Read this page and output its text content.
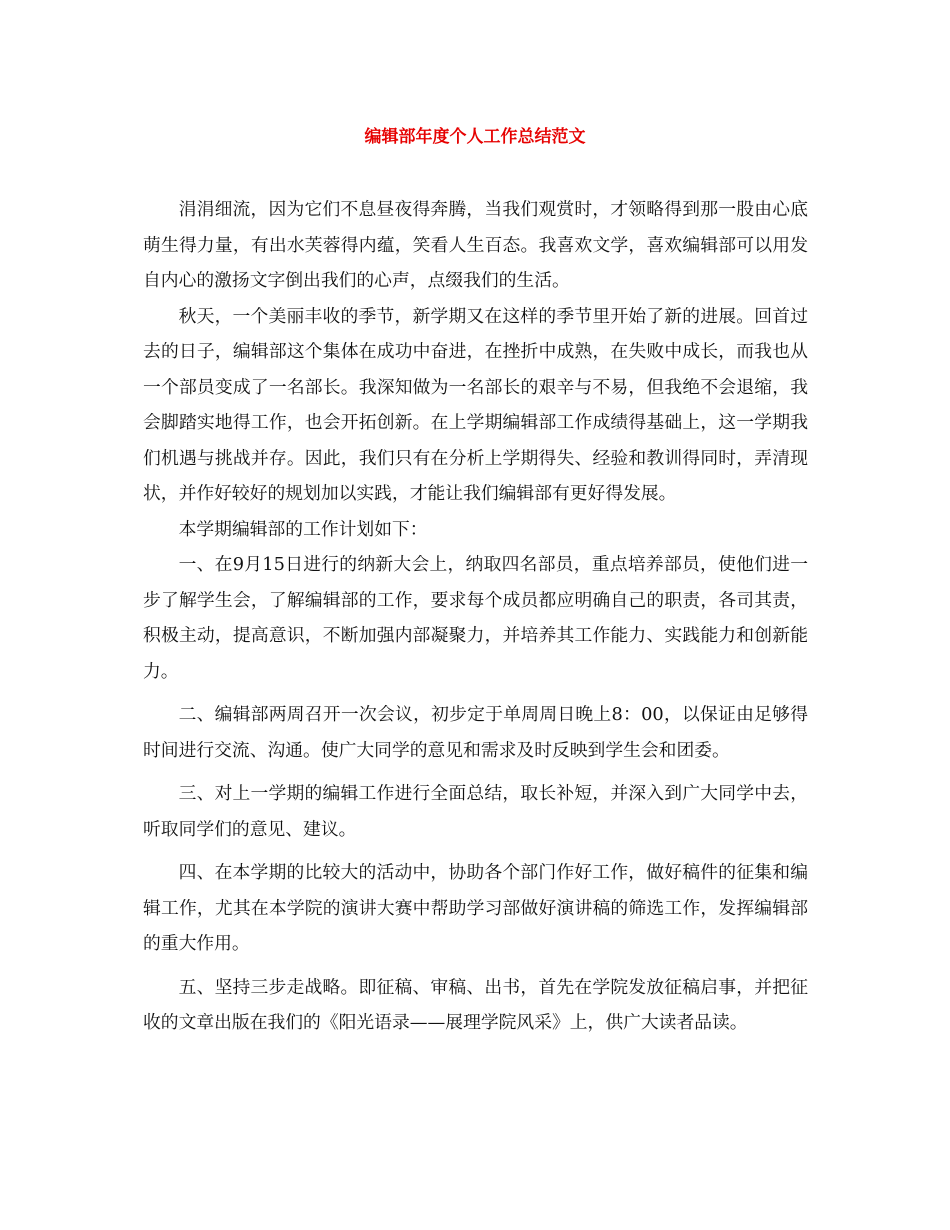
编辑部年度个人工作总结范文

涓涓细流，因为它们不息昼夜得奔腾，当我们观赏时，才领略得到那一股由心底萌生得力量，有出水芙蓉得内蕴，笑看人生百态。我喜欢文学，喜欢编辑部可以用发自内心的激扬文字倒出我们的心声，点缀我们的生活。

秋天，一个美丽丰收的季节，新学期又在这样的季节里开始了新的进展。回首过去的日子，编辑部这个集体在成功中奋进，在挫折中成熟，在失败中成长，而我也从一个部员变成了一名部长。我深知做为一名部长的艰辛与不易，但我绝不会退缩，我会脚踏实地得工作，也会开拓创新。在上学期编辑部工作成绩得基础上，这一学期我们机遇与挑战并存。因此，我们只有在分析上学期得失、经验和教训得同时，弄清现状，并作好较好的规划加以实践，才能让我们编辑部有更好得发展。

本学期编辑部的工作计划如下：

一、在9月15日进行的纳新大会上，纳取四名部员，重点培养部员，使他们进一步了解学生会，了解编辑部的工作，要求每个成员都应明确自己的职责，各司其责，积极主动，提高意识，不断加强内部凝聚力，并培养其工作能力、实践能力和创新能力。

二、编辑部两周召开一次会议，初步定于单周周日晚上8：00，以保证由足够得时间进行交流、沟通。使广大同学的意见和需求及时反映到学生会和团委。

三、对上一学期的编辑工作进行全面总结，取长补短，并深入到广大同学中去，听取同学们的意见、建议。

四、在本学期的比较大的活动中，协助各个部门作好工作，做好稿件的征集和编辑工作，尤其在本学院的演讲大赛中帮助学习部做好演讲稿的筛选工作，发挥编辑部的重大作用。

五、坚持三步走战略。即征稿、审稿、出书，首先在学院发放征稿启事，并把征收的文章出版在我们的《阳光语录——展理学院风采》上，供广大读者品读。
